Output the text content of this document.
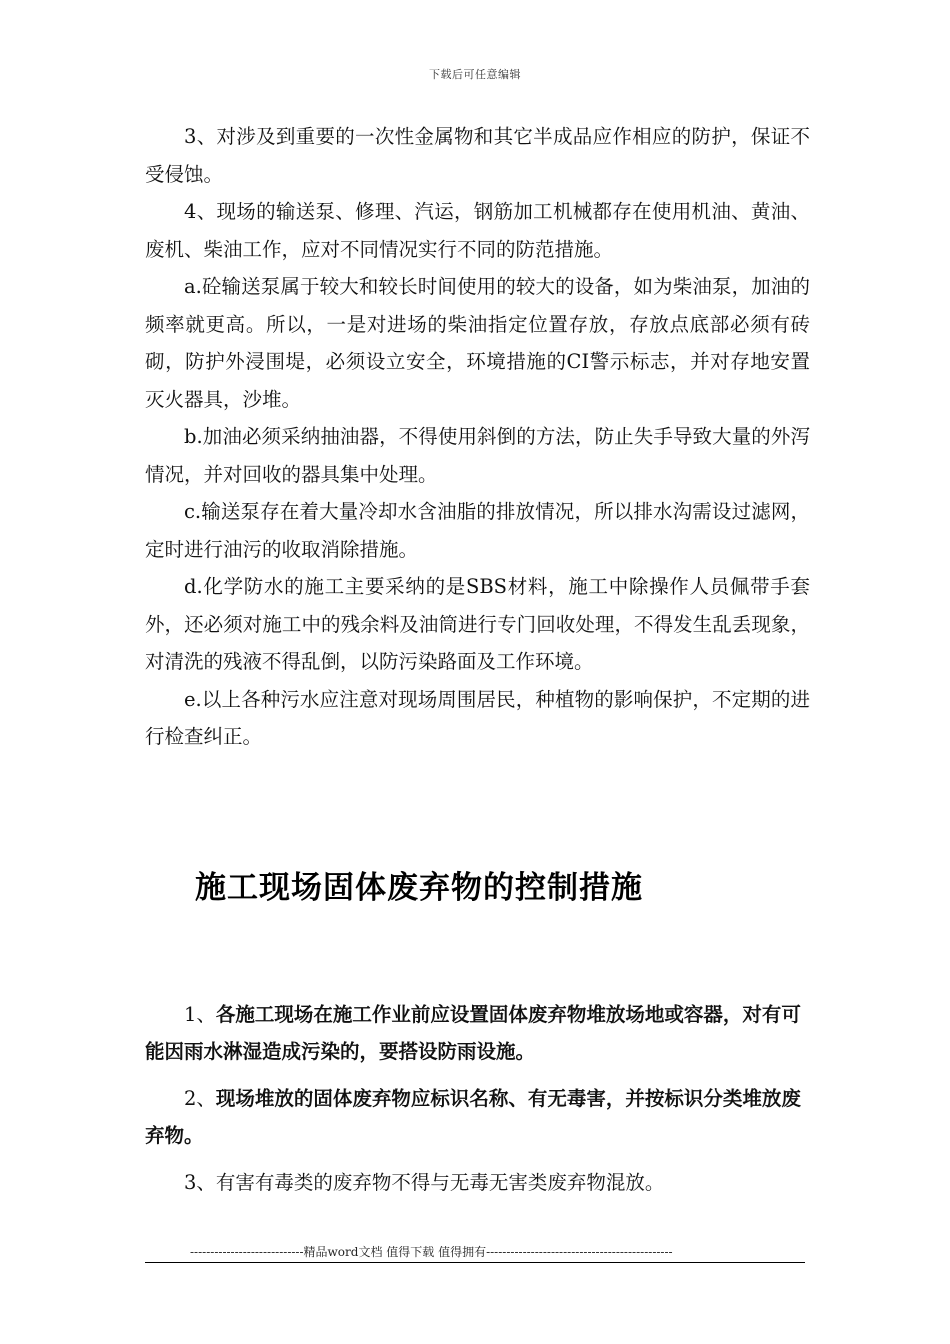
下载后可任意编辑

3、对涉及到重要的一次性金属物和其它半成品应作相应的防护，保证不受侵蚀。

4、现场的输送泵、修理、汽运，钢筋加工机械都存在使用机油、黄油、废机、柴油工作，应对不同情况实行不同的防范措施。

a.砼输送泵属于较大和较长时间使用的较大的设备，如为柴油泵，加油的频率就更高。所以，一是对进场的柴油指定位置存放，存放点底部必须有砖砌，防护外浸围堤，必须设立安全，环境措施的CI警示标志，并对存地安置灭火器具，沙堆。

b.加油必须采纳抽油器，不得使用斜倒的方法，防止失手导致大量的外泻情况，并对回收的器具集中处理。

c.输送泵存在着大量冷却水含油脂的排放情况，所以排水沟需设过滤网，定时进行油污的收取消除措施。

d.化学防水的施工主要采纳的是SBS材料，施工中除操作人员佩带手套外，还必须对施工中的残余料及油筒进行专门回收处理，不得发生乱丢现象，对清洗的残液不得乱倒，以防污染路面及工作环境。

e.以上各种污水应注意对现场周围居民，种植物的影响保护，不定期的进行检查纠正。

施工现场固体废弃物的控制措施

1、各施工现场在施工作业前应设置固体废弃物堆放场地或容器，对有可能因雨水淋湿造成污染的，要搭设防雨设施。

2、现场堆放的固体废弃物应标识名称、有无毒害，并按标识分类堆放废弃物。

3、有害有毒类的废弃物不得与无毒无害类废弃物混放。

----------------------------精品word文档 值得下载 值得拥有----------------------------------------------
